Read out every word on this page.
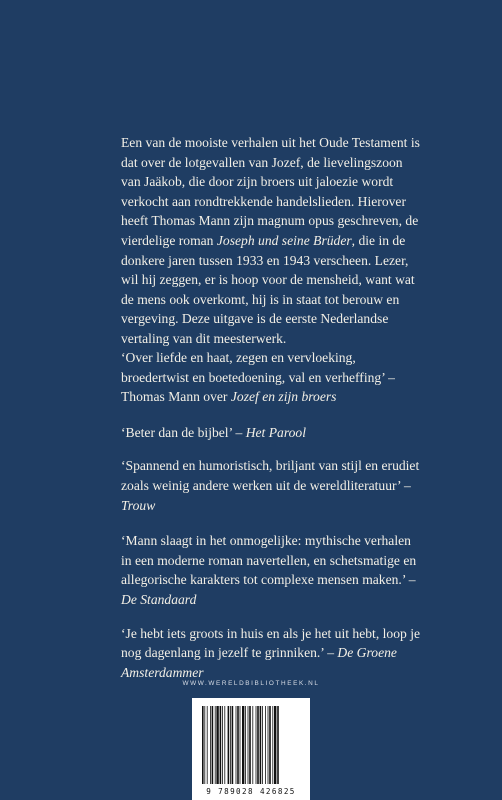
Een van de mooiste verhalen uit het Oude Testament is dat over de lotgevallen van Jozef, de lievelingszoon van Jaäkob, die door zijn broers uit jaloezie wordt verkocht aan rondtrekkende handelslieden. Hierover heeft Thomas Mann zijn magnum opus geschreven, de vierdelige roman Joseph und seine Brüder, die in de donkere jaren tussen 1933 en 1943 verscheen. Lezer, wil hij zeggen, er is hoop voor de mensheid, want wat de mens ook overkomt, hij is in staat tot berouw en vergeving. Deze uitgave is de eerste Nederlandse vertaling van dit meesterwerk.

‘Over liefde en haat, zegen en vervloeking, broedertwist en boetedoening, val en verheffing’ – Thomas Mann over Jozef en zijn broers

‘Beter dan de bijbel’ – Het Parool

‘Spannend en humoristisch, briljant van stijl en erudiet zoals weinig andere werken uit de wereldliteratuur’ – Trouw

‘Mann slaagt in het onmogelijke: mythische verhalen in een moderne roman navertellen, en schetsmatige en allegorische karakters tot complexe mensen maken.’ – De Standaard

‘Je hebt iets groots in huis en als je het uit hebt, loop je nog dagenlang in jezelf te grinniken.’ – De Groene Amsterdammer

WWW.WERELDBIBLIOTHEEK.NL
9 789028 426825
